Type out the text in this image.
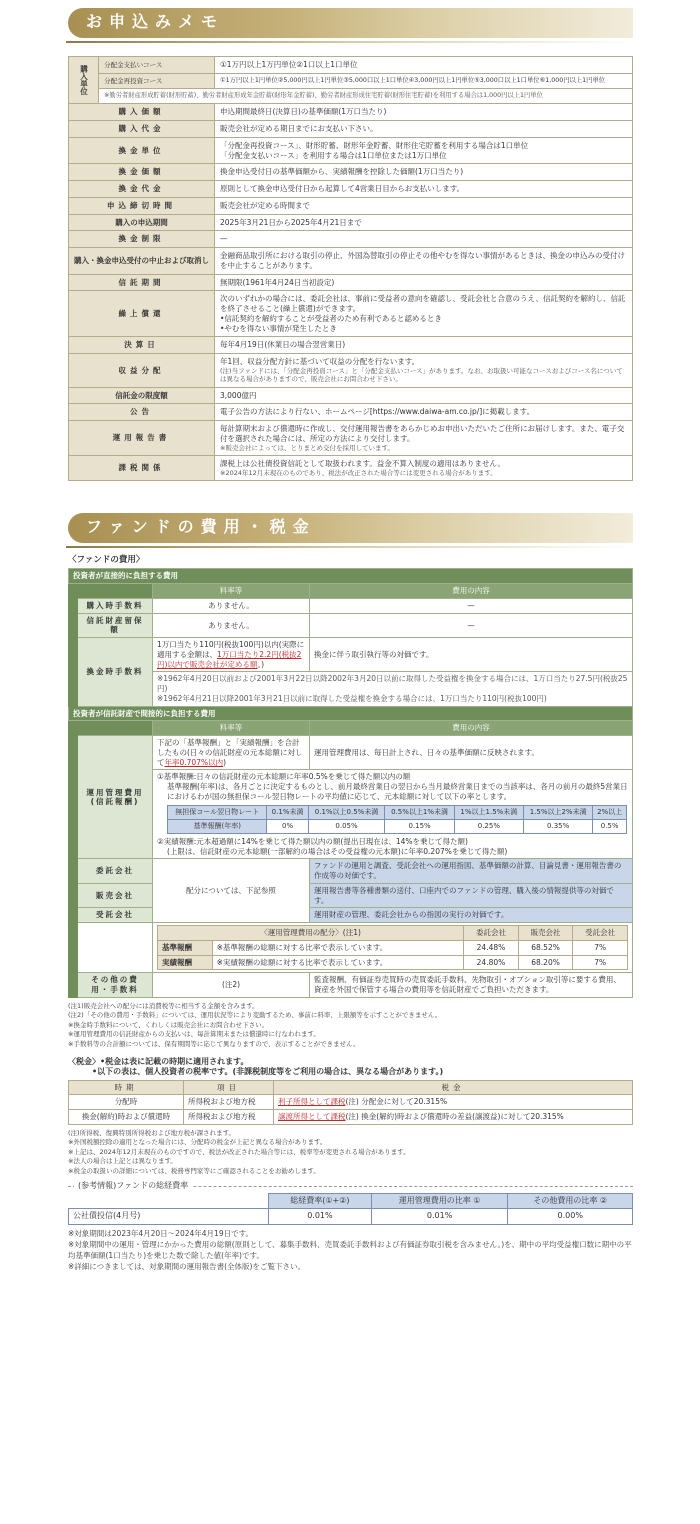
お申込みメモ
購入単位	分配金支払いコース	①1万円以上1万円単位②1口以上1口単位
	分配金再投資コース	①1万円以上1円単位②5,000円以上1円単位③5,000口以上1口単位④3,000円以上1円単位⑤3,000口以上1口単位⑥1,000円以上1円単位
	※勤労者財産形成貯蓄(財形貯蓄)、勤労者財産形成年金貯蓄(財形年金貯蓄)、勤労者財産形成住宅貯蓄(財形住宅貯蓄)を利用する場合は1,000円以上1円単位	
購入価額		申込期間最終日(決算日)の基準価額(1万口当たり)

購入代金		販売会社が定める期日までにお支払い下さい。

換金単位		「分配金再投資コース」、財形貯蓄、財形年金貯蓄、財形住宅貯蓄を利用する場合は1口単位
「分配金支払いコース」を利用する場合は1口単位または1万口単位

換金価額		換金申込受付日の基準価額から、実績報酬を控除した価額(1万口当たり)

換金代金		原則として換金申込受付日から起算して4営業日目からお支払いします。

申込締切時間		販売会社が定める時間まで

購入の申込期間		2025年3月21日から2025年4月21日まで

換金制限		—

購入・換金申込受付の中止および取消し		金融商品取引所における取引の停止、外国為替取引の停止その他やむを得ない事情があるときは、換金の申込みの受付けを中止することがあります。

信託期間		無期限(1961年4月24日当初設定)

繰上償還		次のいずれかの場合には、委託会社は、事前に受益者の意向を確認し、受託会社と合意のうえ、信託契約を解約し、信託を終了させること(繰上償還)ができます。
•信託契約を解約することが受益者のため有利であると認めるとき
•やむを得ない事情が発生したとき

決算日		毎年4月19日(休業日の場合翌営業日)

収益分配		年1回、収益分配方針に基づいて収益の分配を行ないます。
(注)当ファンドには、「分配金再投資コース」と「分配金支払いコース」があります。なお、お取扱い可能なコースおよびコース名については異なる場合がありますので、販売会社にお問合わせ下さい。

信託金の限度額		3,000億円

公告		電子公告の方法により行ない、ホームページ[https://www.daiwa-am.co.jp/]に掲載します。

運用報告書		毎計算期末および償還時に作成し、交付運用報告書をあらかじめお申出いただいたご住所にお届けします。また、電子交付を選択された場合には、所定の方法により交付します。
※販売会社によっては、とりまとめ交付を採用しています。

課税関係		課税上は公社債投資信託として取扱われます。益金不算入制度の適用はありません。
※2024年12月末現在のものであり、税法が改正された場合等には変更される場合があります。
ファンドの費用・税金
〈ファンドの費用〉
投資者が直接的に負担する費用
		料率等	費用の内容
購入時手数料	ありません。	—
信託財産留保額	ありません。	—
換金時手数料	1万口当たり110円(税抜100円)以内(実際に適用する金額は、1万口当たり2.2円(税抜2円)以内で販売会社が定める額。)	換金に伴う取引執行等の対価です。

※1962年4月20日以前および2001年3月22日以降2002年3月20日以前に取得した受益権を換金する場合には、1万口当たり27.5円(税抜25円)
※1962年4月21日以降2001年3月21日以前に取得した受益権を換金する場合には、1万口当たり110円(税抜100円)

投資者が信託財産で間接的に負担する費用
		料率等	費用の内容
運用管理費用(信託報酬)	下記の「基準報酬」と「実績報酬」を合計したもの(日々の信託財産の元本総額に対して年率0.707%以内)	運用管理費用は、毎日計上され、日々の基準価額に反映されます。

①基準報酬:日々の信託財産の元本総額に年率0.5%を乗じて得た額以内の額
基準報酬(年率)は、各月ごとに決定するものとし、前月最終営業日の翌日から当月最終営業日までの当該率は、各月の前月の最終5営業日におけるわが国の無担保コール翌日物レートの平均値に応じて、元本総額に対して以下の率とします。
無担保コール翌日物レート	0.1%未満	0.1%以上0.5%未満	0.5%以上1%未満	1%以上1.5%未満	1.5%以上2%未満	2%以上
基準報酬(年率)	0%	0.05%	0.15%	0.25%	0.35%	0.5%
②実績報酬:元本超過額に14%を乗じて得た額以内の額(提出日現在は、14%を乗じて得た額)
(上限は、信託財産の元本総額(一部解約の場合はその受益権の元本額)に年率0.207%を乗じて得た額)

委託会社	配分については、下記参照	ファンドの運用と調査、受託会社への運用指図、基準価額の計算、目論見書・運用報告書の作成等の対価です。
販売会社	運用報告書等各種書類の送付、口座内でのファンドの管理、購入後の情報提供等の対価です。
受託会社	運用財産の管理、委託会社からの指図の実行の対価です。

〈運用管理費用の配分〉(注1)	委託会社	販売会社	受託会社
基準報酬	※基準報酬の総額に対する比率で表示しています。	24.48%	68.52%	7%
実績報酬	※実績報酬の総額に対する比率で表示しています。	24.80%	68.20%	7%

その他の費用・手数料	(注2)	監査報酬、有価証券売買時の売買委託手数料、先物取引・オプション取引等に要する費用、資産を外国で保管する場合の費用等を信託財産でご負担いただきます。
(注1)販売会社への配分には消費税等に相当する金額を含みます。
(注2)「その他の費用・手数料」については、運用状況等により変動するため、事前に料率、上限額等を示すことができません。
※換金時手数料について、くわしくは販売会社にお問合わせ下さい。
※運用管理費用の信託財産からの支払いは、毎計算期末または償還時に行なわれます。
※手数料等の合計額については、保有期間等に応じて異なりますので、表示することができません。
〈税金〉•税金は表に記載の時期に適用されます。
•以下の表は、個人投資者の税率です。(非課税制度等をご利用の場合は、異なる場合があります。)
時期	項目	税金
分配時	所得税および地方税	利子所得として課税(注) 分配金に対して20.315%
換金(解約)時および償還時	所得税および地方税	譲渡所得として課税(注) 換金(解約)時および償還時の差益(譲渡益)に対して20.315%
(注)所得税、復興特別所得税および地方税が課されます。
※外国税額控除の適用となった場合には、分配時の税金が上記と異なる場合があります。
※上記は、2024年12月末現在のものですので、税法が改正された場合等には、税率等が変更される場合があります。
※法人の場合は上記とは異なります。
※税金の取扱いの詳細については、税務専門家等にご確認されることをお勧めします。
(参考情報)ファンドの総経費率
	総経費率(①+②)	運用管理費用の比率 ①	その他費用の比率 ②
公社債投信(4月号)	0.01%	0.01%	0.00%
※対象期間は2023年4月20日〜2024年4月19日です。
※対象期間中の運用・管理にかかった費用の総額(原則として、募集手数料、売買委託手数料および有価証券取引税を含みません。)を、期中の平均受益権口数に期中の平均基準価額(1口当たり)を乗じた数で除した値(年率)です。
※詳細につきましては、対象期間の運用報告書(全体版)をご覧下さい。
